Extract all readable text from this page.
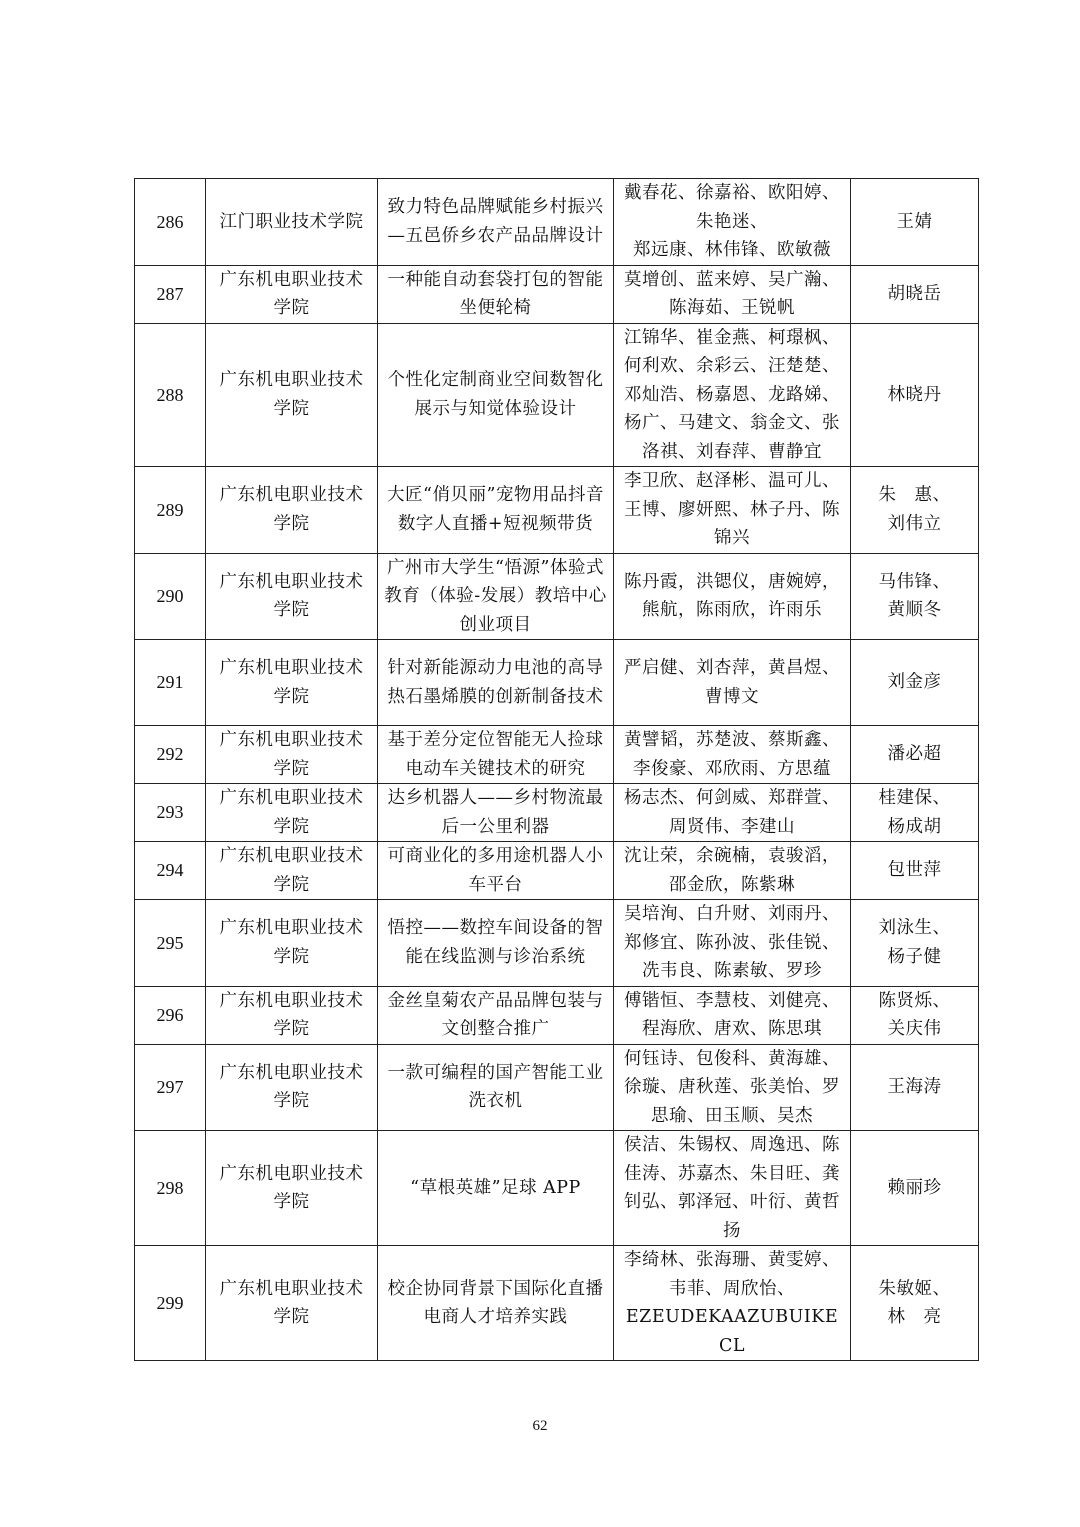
286	江门职业技术学院	致力特色品牌赋能乡村振兴—五邑侨乡农产品品牌设计	戴春花、徐嘉裕、欧阳婷、
朱艳迷、
郑远康、林伟锋、欧敏薇	王婧
287	广东机电职业技术学院	一种能自动套袋打包的智能坐便轮椅	莫增创、蓝来婷、吴广瀚、陈海茹、王锐帆	胡晓岳
288	广东机电职业技术学院	个性化定制商业空间数智化展示与知觉体验设计	江锦华、崔金燕、柯璟枫、何利欢、余彩云、汪楚楚、邓灿浩、杨嘉恩、龙路娣、杨广、马建文、翁金文、张洛祺、刘春萍、曹静宜	林晓丹
289	广东机电职业技术学院	大匠“俏贝丽”宠物用品抖音数字人直播+短视频带货	李卫欣、赵泽彬、温可儿、王博、廖妍熙、林子丹、陈锦兴	朱　惠、
刘伟立
290	广东机电职业技术学院	广州市大学生“悟源”体验式教育（体验-发展）教培中心创业项目	陈丹霞，洪锶仪，唐婉婷，熊航，陈雨欣，许雨乐	马伟锋、
黄顺冬
291	广东机电职业技术学院	针对新能源动力电池的高导热石墨烯膜的创新制备技术	严启健、刘杏萍，黄昌煜、曹博文	刘金彦
292	广东机电职业技术学院	基于差分定位智能无人捡球电动车关键技术的研究	黄譬韬，苏楚波、蔡斯鑫、李俊豪、邓欣雨、方思蕴	潘必超
293	广东机电职业技术学院	达乡机器人——乡村物流最后一公里利器	杨志杰、何剑威、郑群萱、周贤伟、李建山	桂建保、
杨成胡
294	广东机电职业技术学院	可商业化的多用途机器人小车平台	沈让荣，余碗楠，袁骏滔，邵金欣，陈紫琳	包世萍
295	广东机电职业技术学院	悟控——数控车间设备的智能在线监测与诊治系统	吴培洵、白升财、刘雨丹、郑修宜、陈孙波、张佳锐、冼韦良、陈素敏、罗珍	刘泳生、
杨子健
296	广东机电职业技术学院	金丝皇菊农产品品牌包装与文创整合推广	傅锴恒、李慧枝、刘健亮、程海欣、唐欢、陈思琪	陈贤烁、
关庆伟
297	广东机电职业技术学院	一款可编程的国产智能工业洗衣机	何钰诗、包俊科、黄海雄、徐璇、唐秋莲、张美怡、罗思瑜、田玉顺、吴杰	王海涛
298	广东机电职业技术学院	“草根英雄”足球 APP	侯洁、朱锡权、周逸迅、陈佳涛、苏嘉杰、朱目旺、龚钊弘、郭泽冠、叶衍、黄哲扬	赖丽珍
299	广东机电职业技术学院	校企协同背景下国际化直播电商人才培养实践	李绮林、张海珊、黄雯婷、
韦菲、周欣怡、
EZEUDEKAAZUBUIKECL	朱敏姬、
林　亮
62
